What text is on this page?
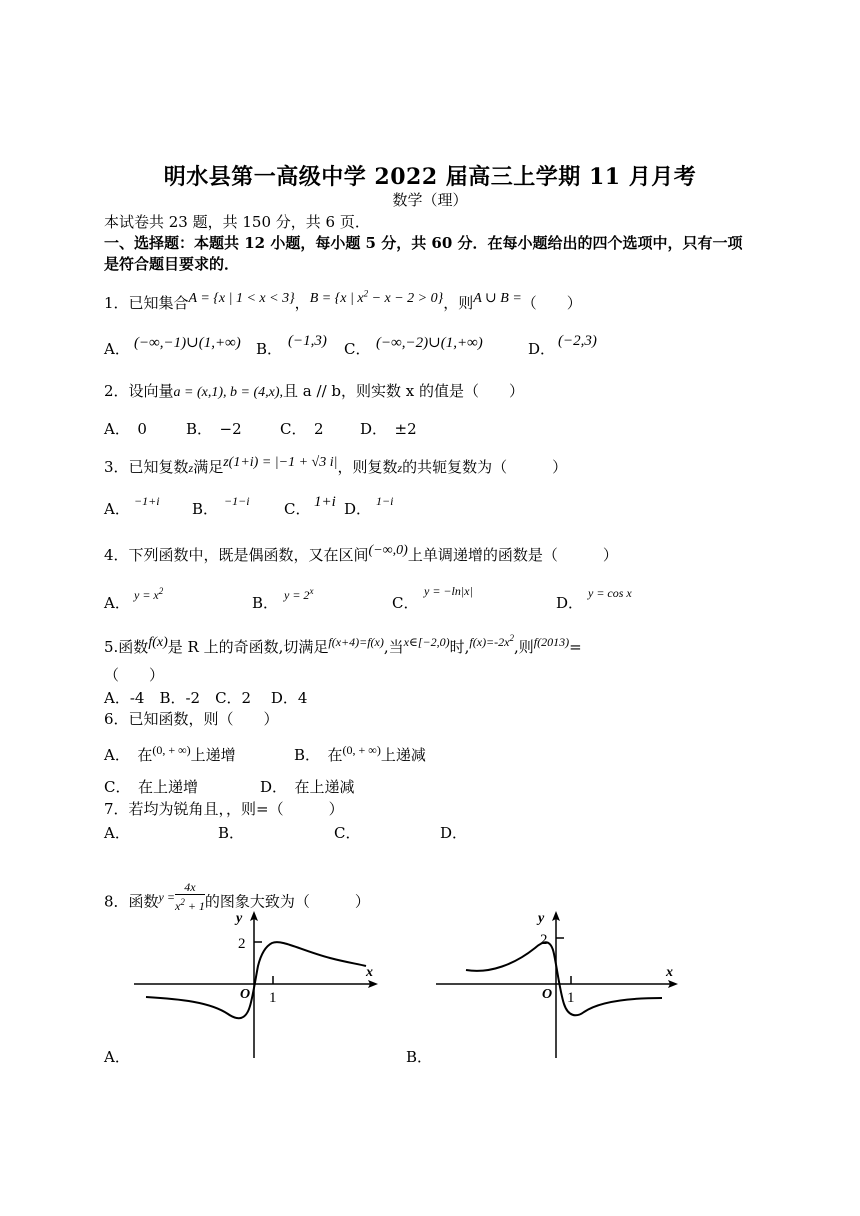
明水县第一高级中学 2022 届高三上学期 11 月月考
数学（理）
本试卷共 23 题，共 150 分，共 6 页．
一、选择题：本题共 12 小题，每小题 5 分，共 60 分．在每小题给出的四个选项中，只有一项
是符合题目要求的．
1．已知集合A = {x | 1 < x < 3}，B = {x | $x^2 - x - 2 > 0$}，则A ∪ B =（　　）
A． (−∞,−1)∪(1,+∞) B． (−1,3) C． (−∞,−2)∪(1,+∞)	D． (−2,3)
2．设向量a = (x,1), b = (4,x),且 a // b，则实数 x 的值是（　　）
A．　0	B．　−2	C．　2 D．　±2
3．已知复数z满足z(1+i) = |−1 + √3 i|，则复数z的共轭复数为（　　　）
A． −1+i B． −1−i C． 1+i D． 1−i
4．下列函数中，既是偶函数，又在区间(−∞,0)上单调递增的函数是（　　　）
A． $y = x^2$
B． $y = 2^x$
C．
y = −ln|x|
D．
y = cos x
5.函数f(x)是 R 上的奇函数,切满足$^{f(x+4)=f(x)}$,当$^{x\in[-2,0)}$时,$^{f(x)=-2x^2}$,则$^{f(2013)}$=
（　　）
A．-4　B．-2　C．2　 D．4
6．已知函数，则（　　）
A．　在$^{(0, + \infty)}$上递增	B．　在$^{(0, + \infty)}$上递减
C．　在上递增	D．　在上递减
7．若均为锐角且，，则=（　　　）
A．	B．	C．	D．
8．函数$^{y =} \frac{4x}{x^2 + 1}$ 的图象大致为（　　　）
y
x
O 1
2
y
x
O 1
2
A．	B．
